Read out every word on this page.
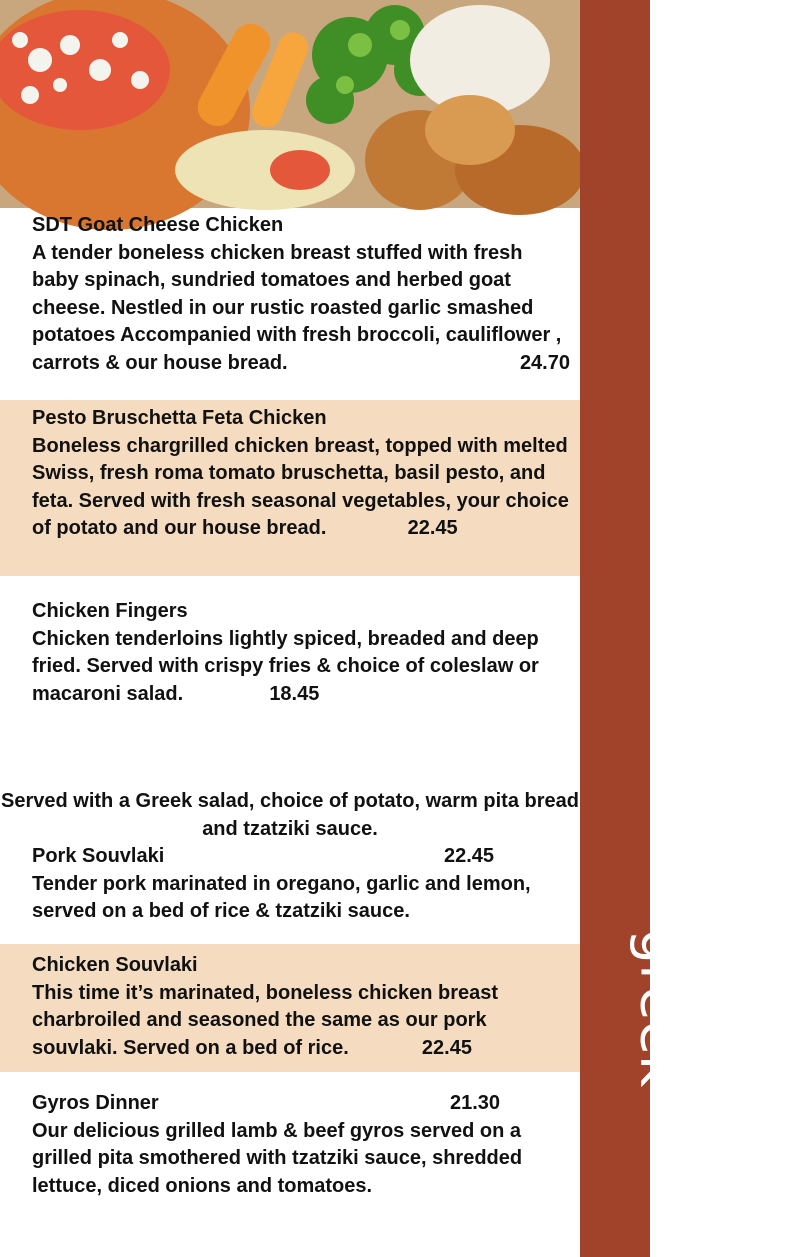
chicken
greek
SDT Goat Cheese Chicken
A tender boneless chicken breast stuffed with fresh baby spinach, sundried tomatoes and herbed goat cheese. Nestled in our rustic roasted garlic smashed potatoes Accompanied with fresh broccoli, cauliflower , carrots & our house bread.	24.70
Pesto Bruschetta Feta Chicken
Boneless chargrilled chicken breast, topped with melted Swiss, fresh roma tomato bruschetta, basil pesto, and feta. Served with fresh seasonal vegetables, your choice of potato and our house bread.	22.45
Chicken Fingers
Chicken tenderloins lightly spiced, breaded and deep fried. Served with crispy fries & choice of coleslaw or macaroni salad.	18.45
Served with a Greek salad, choice of potato, warm pita bread and tzatziki sauce.
Pork Souvlaki	22.45
Tender pork marinated in oregano, garlic and lemon, served on a bed of rice & tzatziki sauce.
Chicken Souvlaki
This time it’s marinated, boneless chicken breast charbroiled and seasoned the same as our pork souvlaki. Served on a bed of rice.	22.45
Gyros Dinner	21.30
Our delicious grilled lamb & beef gyros served on a grilled pita smothered with tzatziki sauce, shredded lettuce, diced onions and tomatoes.
